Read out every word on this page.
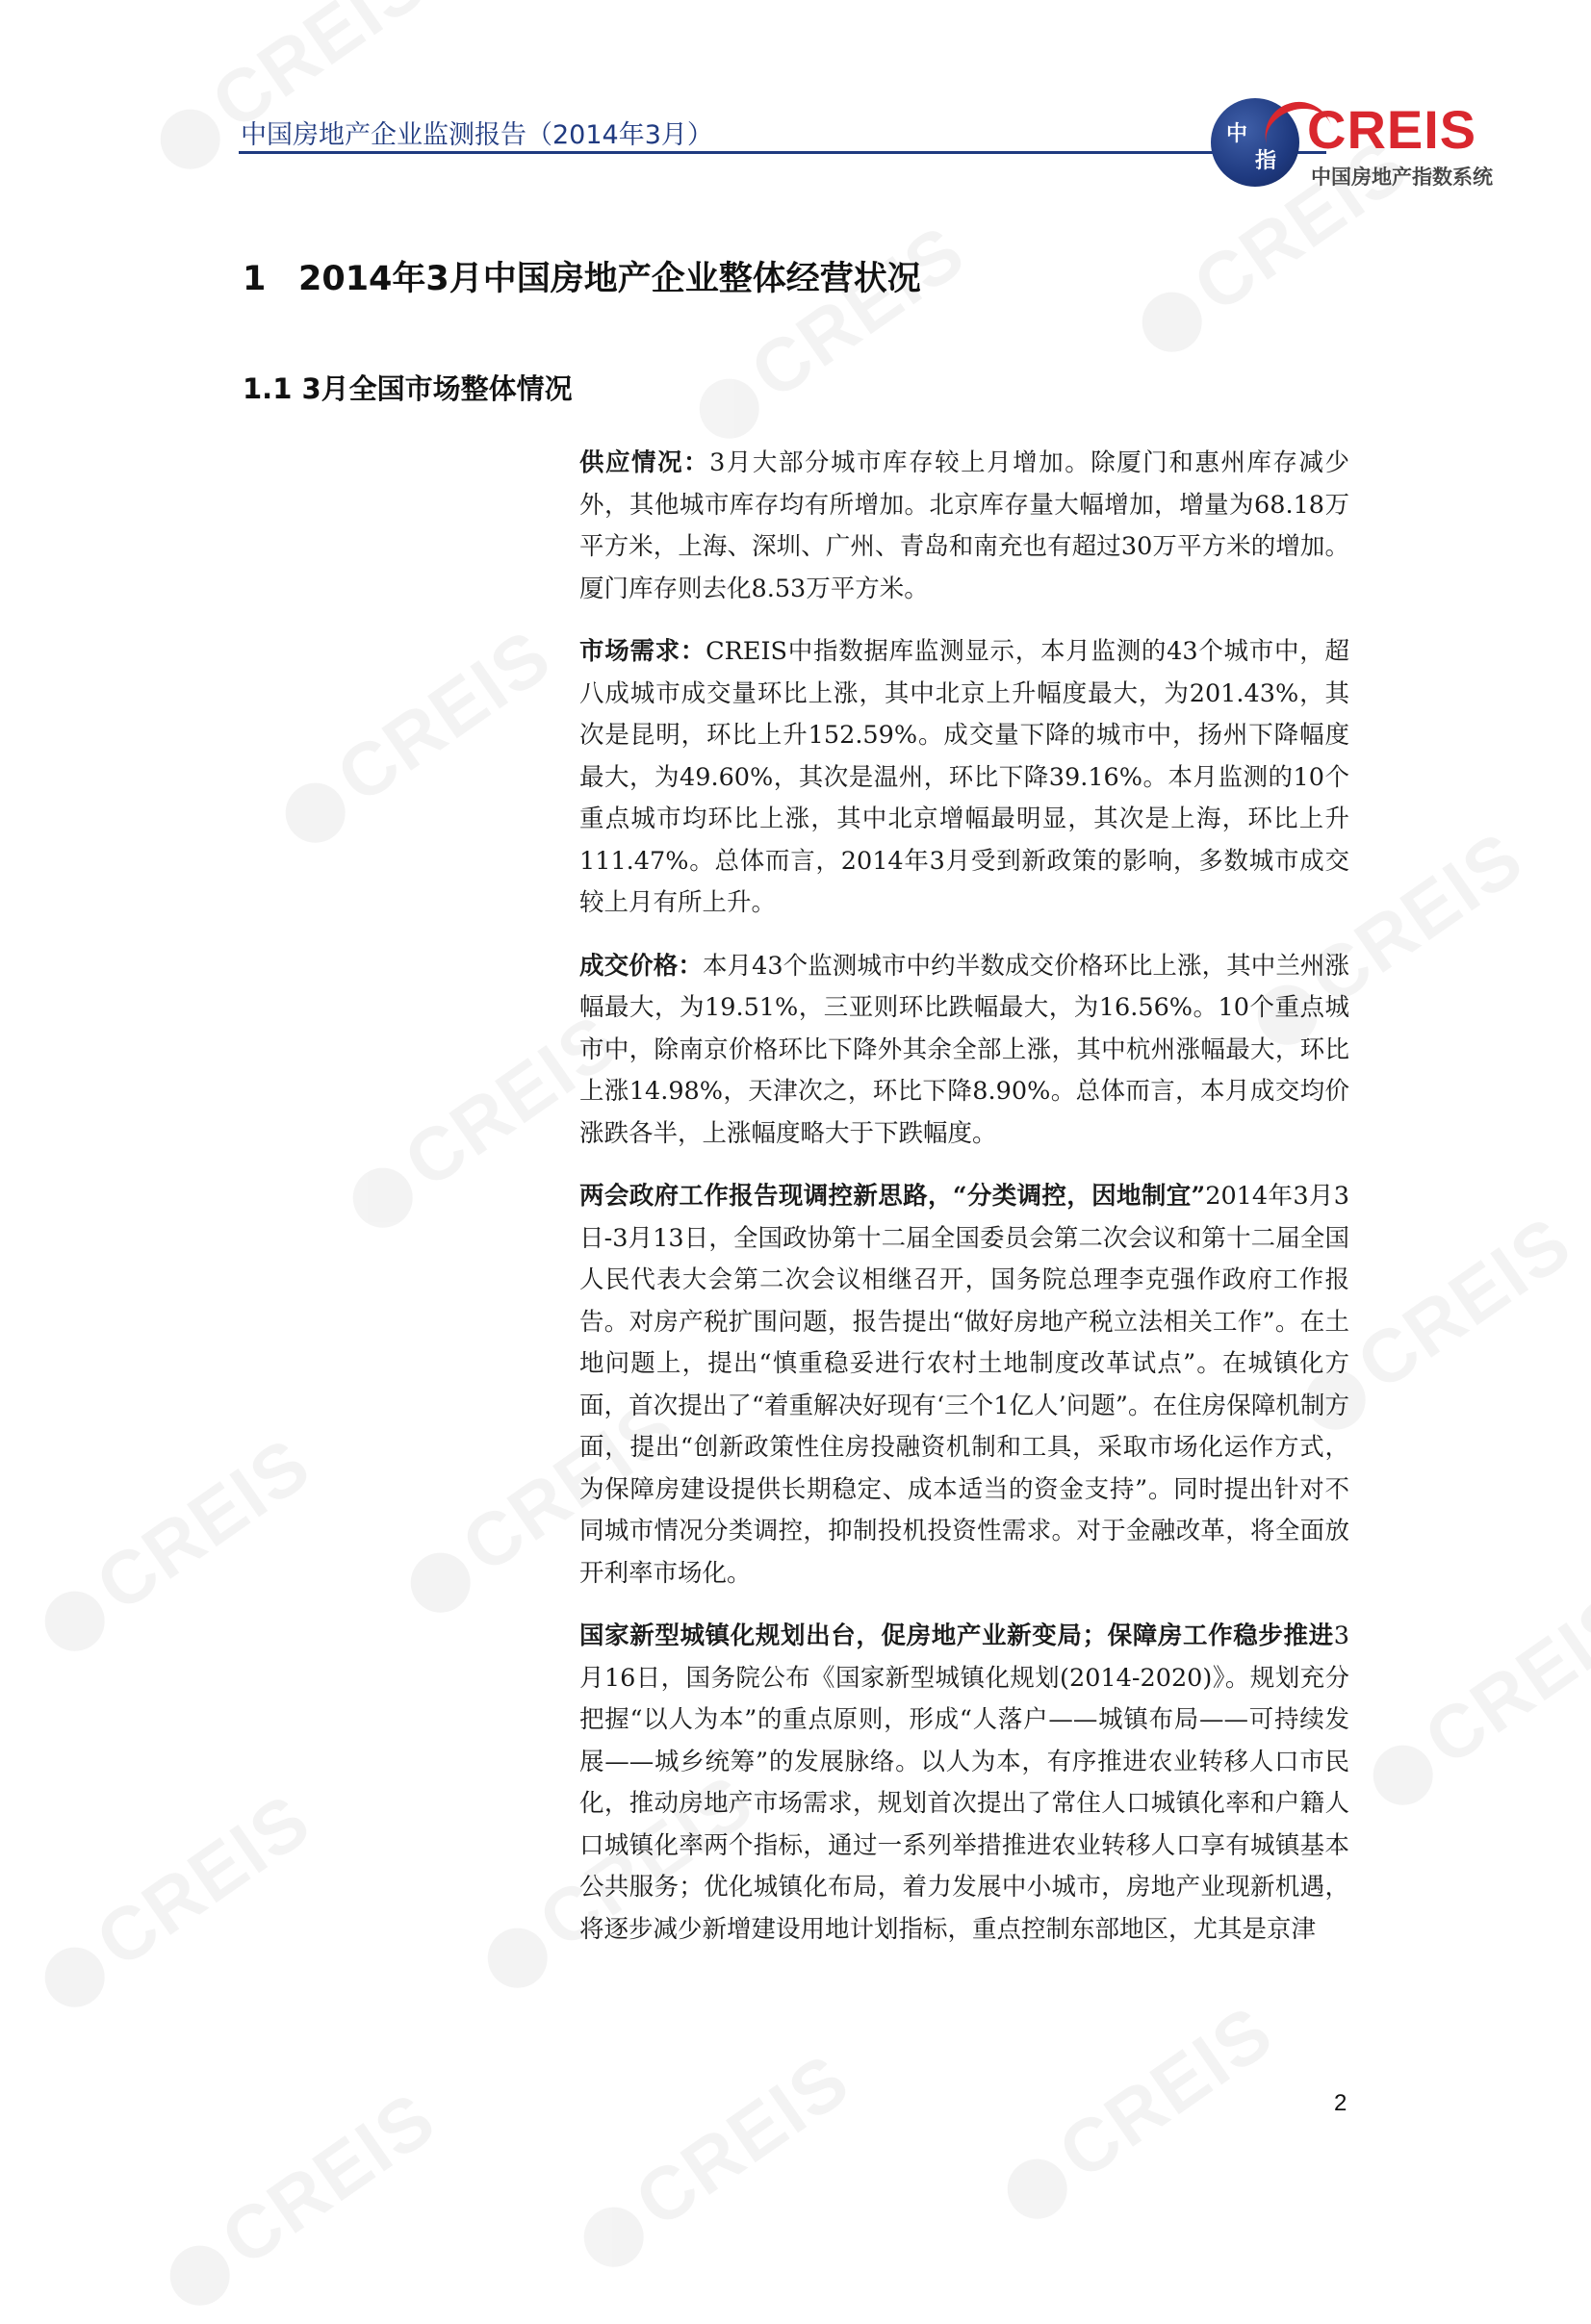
中国房地产企业监测报告（2014年3月）	中
指
CREIS
中国房地产指数系统
1 2014年3月中国房地产企业整体经营状况
1.1 3月全国市场整体情况

供应情况：3月大部分城市库存较上月增加。除厦门和惠州库存减少外，其他城市库存均有所增加。北京库存量大幅增加，增量为68.18万平方米，上海、深圳、广州、青岛和南充也有超过30万平方米的增加。厦门库存则去化8.53万平方米。

市场需求：CREIS中指数据库监测显示，本月监测的43个城市中，超八成城市成交量环比上涨，其中北京上升幅度最大，为201.43%，其次是昆明，环比上升152.59%。成交量下降的城市中，扬州下降幅度最大，为49.60%，其次是温州，环比下降39.16%。本月监测的10个重点城市均环比上涨，其中北京增幅最明显，其次是上海，环比上升111.47%。总体而言，2014年3月受到新政策的影响，多数城市成交较上月有所上升。

成交价格：本月43个监测城市中约半数成交价格环比上涨，其中兰州涨幅最大，为19.51%，三亚则环比跌幅最大，为16.56%。10个重点城市中，除南京价格环比下降外其余全部上涨，其中杭州涨幅最大，环比上涨14.98%，天津次之，环比下降8.90%。总体而言，本月成交均价涨跌各半，上涨幅度略大于下跌幅度。

两会政府工作报告现调控新思路，“分类调控，因地制宜”2014年3月3日-3月13日，全国政协第十二届全国委员会第二次会议和第十二届全国人民代表大会第二次会议相继召开，国务院总理李克强作政府工作报告。对房产税扩围问题，报告提出“做好房地产税立法相关工作”。在土地问题上，提出“慎重稳妥进行农村土地制度改革试点”。在城镇化方面，首次提出了“着重解决好现有‘三个1亿人’问题”。在住房保障机制方面，提出“创新政策性住房投融资机制和工具，采取市场化运作方式，为保障房建设提供长期稳定、成本适当的资金支持”。同时提出针对不同城市情况分类调控，抑制投机投资性需求。对于金融改革，将全面放开利率市场化。

国家新型城镇化规划出台，促房地产业新变局；保障房工作稳步推进3月16日，国务院公布《国家新型城镇化规划(2014-2020)》。规划充分把握“以人为本”的重点原则，形成“人落户——城镇布局——可持续发展——城乡统筹”的发展脉络。以人为本，有序推进农业转移人口市民化，推动房地产市场需求，规划首次提出了常住人口城镇化率和户籍人口城镇化率两个指标，通过一系列举措推进农业转移人口享有城镇基本公共服务；优化城镇化布局，着力发展中小城市，房地产业现新机遇，将逐步减少新增建设用地计划指标，重点控制东部地区，尤其是京津

2
